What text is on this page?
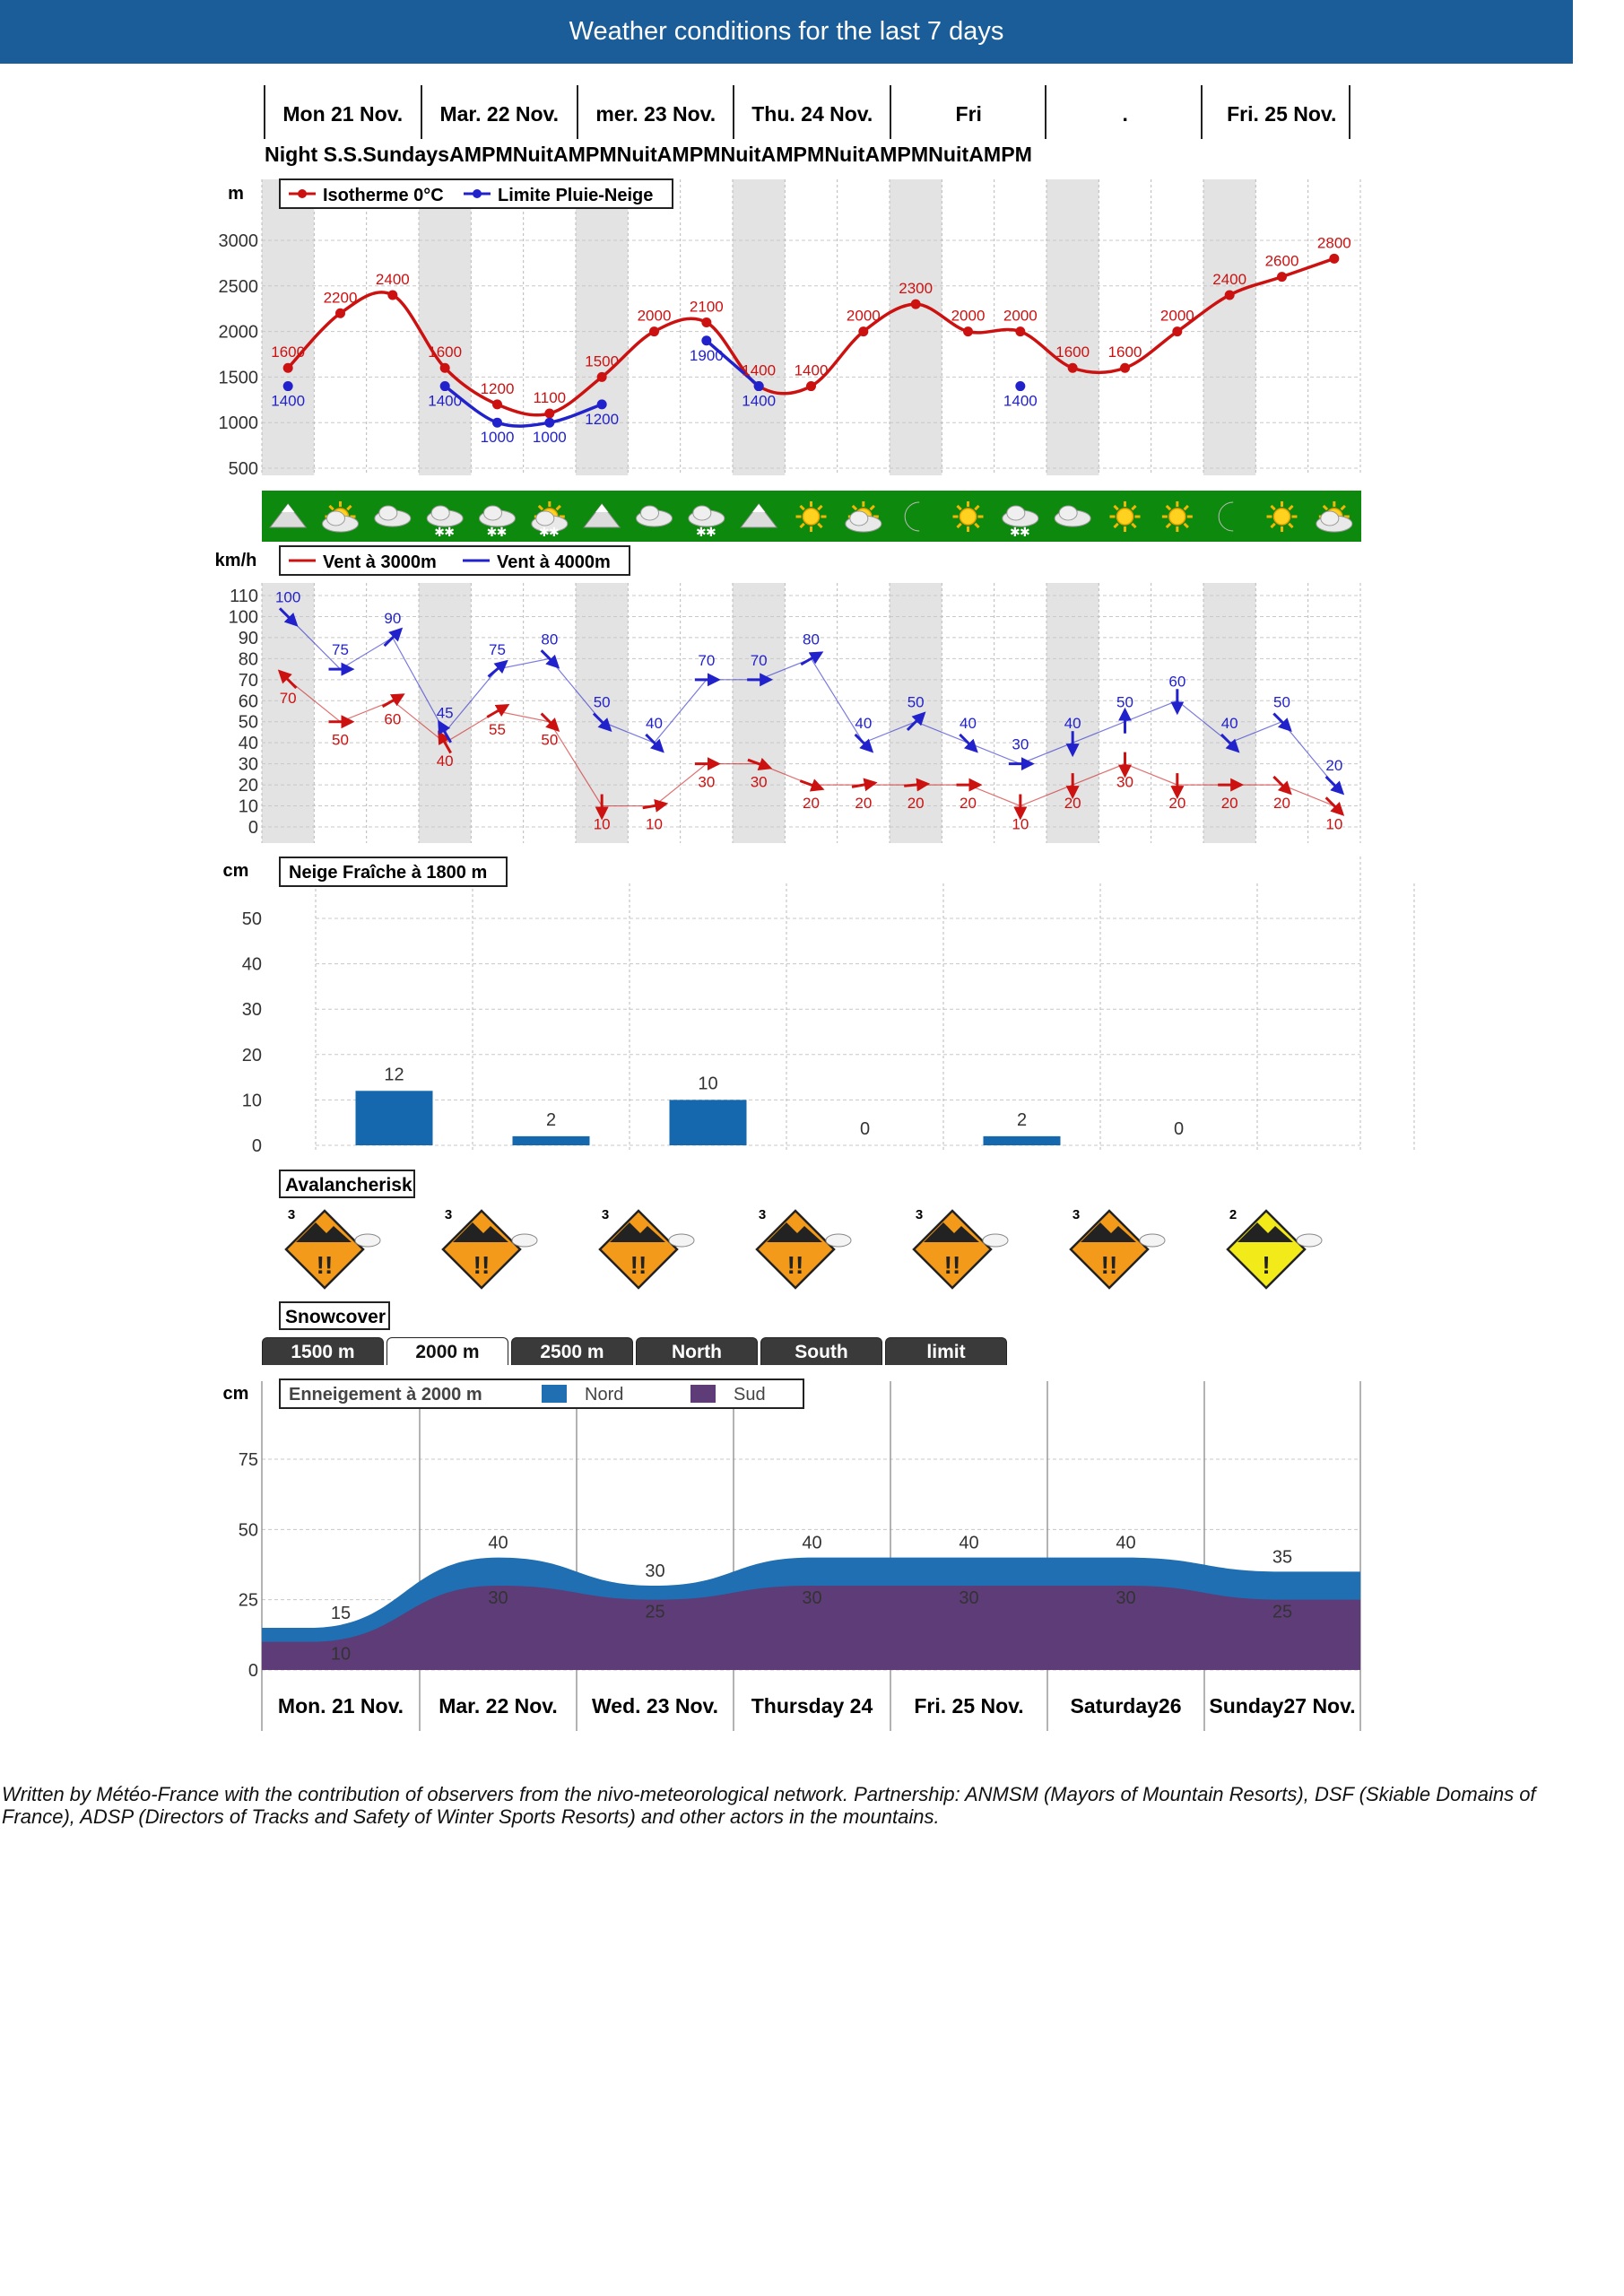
Weather conditions for the last 7 days
✱ ✱	✱ ✱	✱ ✱	✱ ✱	✱ ✱
!!	!!	!!	!!	!!	!!	!
Mon 21 Nov. Mar. 22 Nov. mer. 23 Nov. Thu. 24 Nov.	Fri	.	Fri. 25 Nov.
Night S.S.SundaysAMPMNuitAMPMNuitAMPMNuitAMPMNuitAMPMNuitAMPM
500
1000
1500
2000
2500
3000
m
1600
2200
2400
1600
1200
1100
1500
2000
2100
1400 1400
2000
2300
2000 2000
1600 1600
2000
2400
2600
2800
1400	1400
1000 1000
1200
1900
1400	1400
Isotherme 0°C	Limite Pluie-Neige
0
10
20
30
40
50
60
70
80
90
100
110
km/h
70
50
60
40
55
50
10 10
30 30
20 20 20 20
10
20
30
20 20 20
10
100
75
90
45
75
80
50
40
70 70
80
40
50
40
30
40
50
60
40
50
20
Vent à 3000m	Vent à 4000m
0
10
20
30
40
50
cm
12
2
10
0	2	0
Neige Fraîche à 1800 m
Avalancherisk
3	3	3	3	3	3	2
Snowcover
0
25
50
75
cm
15
40
30
40	40	40
35
10
30
25
30	30	30
25
Enneigement à 2000 m	Nord	Sud
Mon. 21 Nov. Mar. 22 Nov. Wed. 23 Nov. Thursday 24 Fri. 25 Nov. Saturday26 Sunday27 Nov.
1500 m	2000 m	2500 m	North	South	limit
Written by Météo-France with the contribution of observers from the nivo-meteorological network. Partnership: ANMSM (Mayors of Mountain Resorts), DSF (Skiable Domains of France), ADSP (Directors of Tracks and Safety of Winter Sports Resorts) and other actors in the mountains.
